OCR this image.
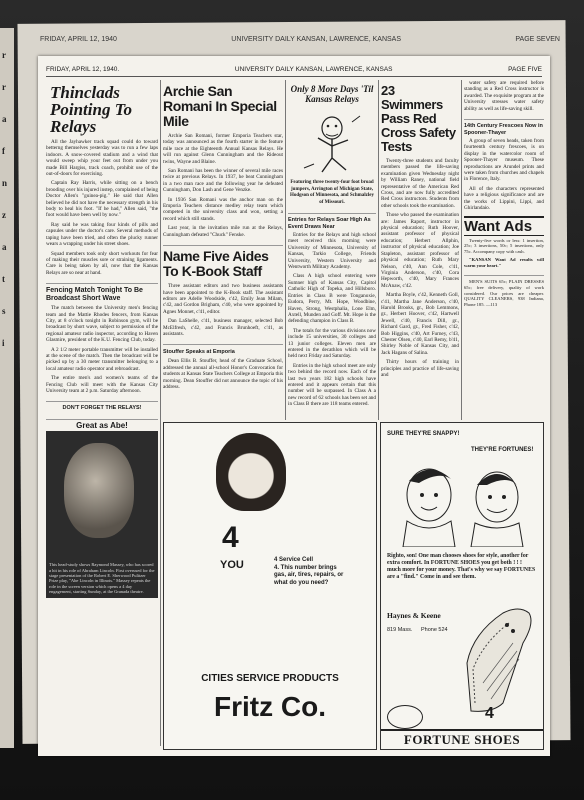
FRIDAY, APRIL 12, 1940	UNIVERSITY DAILY KANSAN, LAWRENCE, KANSAS	PAGE SEVEN
r
r
a
f
n
z
a
t
s
i
FRIDAY, APRIL 12, 1940.	UNIVERSITY DAILY KANSAN, LAWRENCE, KANSAS	PAGE FIVE
Thinclads Pointing To Relays

All the Jayhawker track squad could do toward betterng themselves yesterday was to run a few laps indoors. A snow-covered stadium and a wind that would sweep whip your feet out from under you made Bill Hargiss, track coach, prohibit use of the out-of-doors for exercising.

Captain Ray Harris, while sitting on a bench brooding over his injured instep, complained of being Doctor Allen's "guinea-pig." He said that Allen believed he did not have the necessary strength in his body to heal his foot. "If he had," Allen said, "the foot would have been well by now."

Ray said he was taking four kinds of pills and capsules under the doctor's care. Several methods of taping have been tried, and often the plucky runner wears a wrapping under his street shoes.

Squad members took only short workouts for fear of making their muscles sore or straining ligaments. Care is being taken by all, now that the Kansas Relays are so near at hand.

Fencing Match Tonight To Be Broadcast Short Wave

The match between the University men's fencing team and the Mattie Rhodes fencers, from Kansas City, at 8 o'clock tonight in Robinson gym, will be broadcast by short wave, subject to permission of the regional amateur radio inspector, according to Haven Glasmire, president of the K.U. Fencing Club, today.

A 2 1/2 meter portable transmitter will be installed at the scene of the match. Then the broadcast will be picked up by a 30 meter transmitter belonging to a local amateur radio operator and rebroadcast.

The entire men's and women's teams of the Fencing Club will meet with the Kansas City University team at 2 p.m. Saturday afternoon.

DON'T FORGET THE RELAYS!
Great as Abe!
This head-study shows Raymond Massey, who has scored a hit in his role of Abraham Lincoln. First overused for the stage presentation of the Robert E. Sherwood Pulitzer Prize play, "Abe Lincoln in Illinois." Massey repeats the role in the screen version which opens a 4 day engagement, starting Sunday, at the Granada theatre.
Archie San Romani In Special Mile

Archie San Romani, former Emporia Teachers star, today was announced as the fourth starter in the feature mile race at the Eighteenth Annual Kansas Relays. He will run against Glenn Cunningham and the Rideout twins, Wayne and Blaine.

San Romani has been the winner of several mile races twice at previous Relays. In 1937, he beat Cunningham in a two man race and the following year he defeated Cunningham, Don Lash and Gene Venzke.

In 1936 San Romani was the anchor man on the Emporia Teachers distance medley relay team which competed in the university class and won, setting a record which still stands.

Last year, in the invitation mile run at the Relays, Cunningham defeated "Chuck" Fenske.

Name Five Aides To K-Book Staff

Three assistant editors and two business assistants have been appointed to the K-Book staff. The assistant editors are Adelle Woodside, c'42, Emily Jean Milam, c'42, and Gordon Brigham, c'40, who were appointed by Agnes Monnet, c'41, editor.

Dan LaShelle, c'41, business manager, selected Bob McElfresh, c'42, and Francis Brunhoeft, c'41, as assistants.

Stouffer Speaks at Emporia

Dean Ellis B. Stouffer, head of the Graduate School, addressed the annual all-school Honor's Convocation for students at Kansas State Teachers College at Emporia this morning. Dean Stouffer did not announce the topic of his address.

Only 8 More Days 'Til Kansas Relays
Featuring three twenty-four foot broad jumpers, Arrington of Michigan State, Hodgson of Minnesota, and Schmalzley of Missouri.
Entries for Relays Soar High As Event Draws Near

Entries for the Relays and high school meet received this morning were University of Minnesota, University of Kansas, Tarkio College, Friends University, Western University and Wentworth Military Academy.

Class A high school entering were Sumner high of Kansas City, Capitol Catholic High of Topeka, and Hillsboro. Entries in Class B were Tonganoxie, Eudora, Perry, Mt. Hope, Woodbine, Haven, Strong, Westphalia, Lone Elm, Axtell, Munden and Goff. Mt. Hope is the defending champion in Class B.

The totals for the various divisions now include 15 universities, 30 colleges and 13 junior colleges. Eleven men are entered in the decathlon which will be held next Friday and Saturday.

Entries in the high school meet are only two behind the record now. Each of the last two years 182 high schools have entered and it appears certain that this number will be surpassed. In Class A a new record of 62 schools has been set and in Class B there are 118 teams entered.

23 Swimmers Pass Red Cross Safety Tests

Twenty-three students and faculty members passed the life-saving examination given Wednesday night by William Raney, national field representative of the American Red Cross, and are now fully accredited Red Cross instructors. Students from other schools took the examination.

Those who passed the examination are: James Raport, instructor in physical education; Ruth Hoover, assistant professor of physical education; Herbert Allphin, instructor of physical education; Joe Stapleton, assistant professor of physical education; Ruth Mary Nelson, c'40, Ann Cole, c'41, Virginia Anderson, c'40, Cora Hepworth, c'40, Mary Frances McAnaw, c'42.

Martha Boyle, c'42, Kenneth Goll, c'41, Martha Jane Anderson, c'40, Harold Brooks, gr., Bob Lemmons, gr., Herbert Hoover, c'42, Hartwell Jewell, c'40, Francis Dill, gr., Richard Gard, gr., Fred Fisher, c'42, Bob Higgins, c'40, Art Furney, c'43, Chester Olsen, c'40, Earl Remy, b'41, Shirley Noble of Kansas City, and Jack Hagans of Salina.

Thirty hours of training in principles and practice of life-saving and

water safety are required before standing as a Red Cross instructor is awarded. The exquisite program at the University stresses water safety ability as well as life-saving skill.

14th Century Frescoes Now in Spooner-Thayer

A group of seven heads, taken from fourteenth century frescoes, is on display in the watercolor room of Spooner-Thayer museum. These reproductions are Arundel prints and were taken from churches and chapels in Florence, Italy.

All of the characters represented have a religious significance and are the works of Lippini, Lippi, and Ghirlandaio.

Want Ads

Twenty-five words or less: 1 insertion, 25c; 3 insertions, 50c; 5 insertions, only 75c. Accompany copy with cash.

"KANSAN Want Ad results will warm your heart."

MEN'S SUITS 65c; PLAIN DRESSES 65c; free delivery, quality of work considered. Our prices are cheaper. QUALITY CLEANERS, 938 Indiana, Phone 185. —113

4
YOU	4 Service Cell
4. This number brings gas, air, tires, repairs, or what do you need?
CITIES SERVICE PRODUCTS
Fritz Co.
SURE THEY'RE SNAPPY!
THEY'RE FORTUNES!
Righto, son! One man chooses shoes for style, another for extra comfort. In FORTUNE SHOES you get both ! ! ! much more for your money. That's why we say FORTUNES are a "find." Come in and see them.
Haynes & Keene
819 Mass. Phone 524
4
FORTUNE SHOES
